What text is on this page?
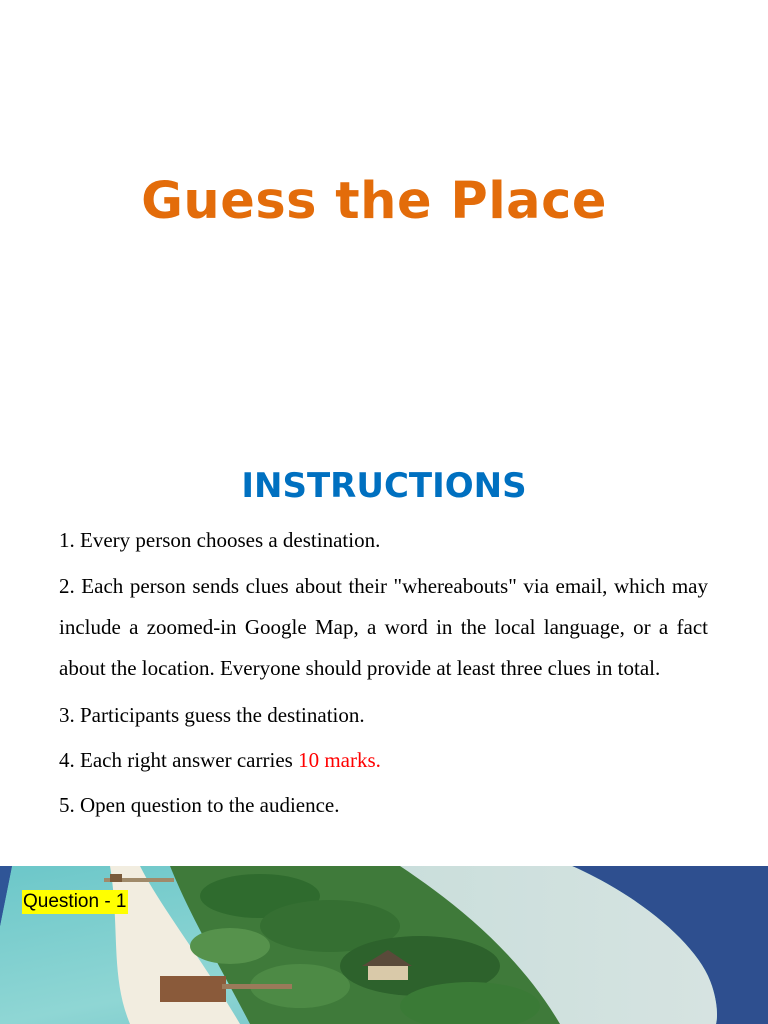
Guess the Place
INSTRUCTIONS

1. Every person chooses a destination.

2. Each person sends clues about their "whereabouts" via email, which may include a zoomed-in Google Map, a word in the local language, or a fact about the location. Everyone should provide at least three clues in total.

3. Participants guess the destination.

4. Each right answer carries 10 marks.

5. Open question to the audience.

Question - 1
